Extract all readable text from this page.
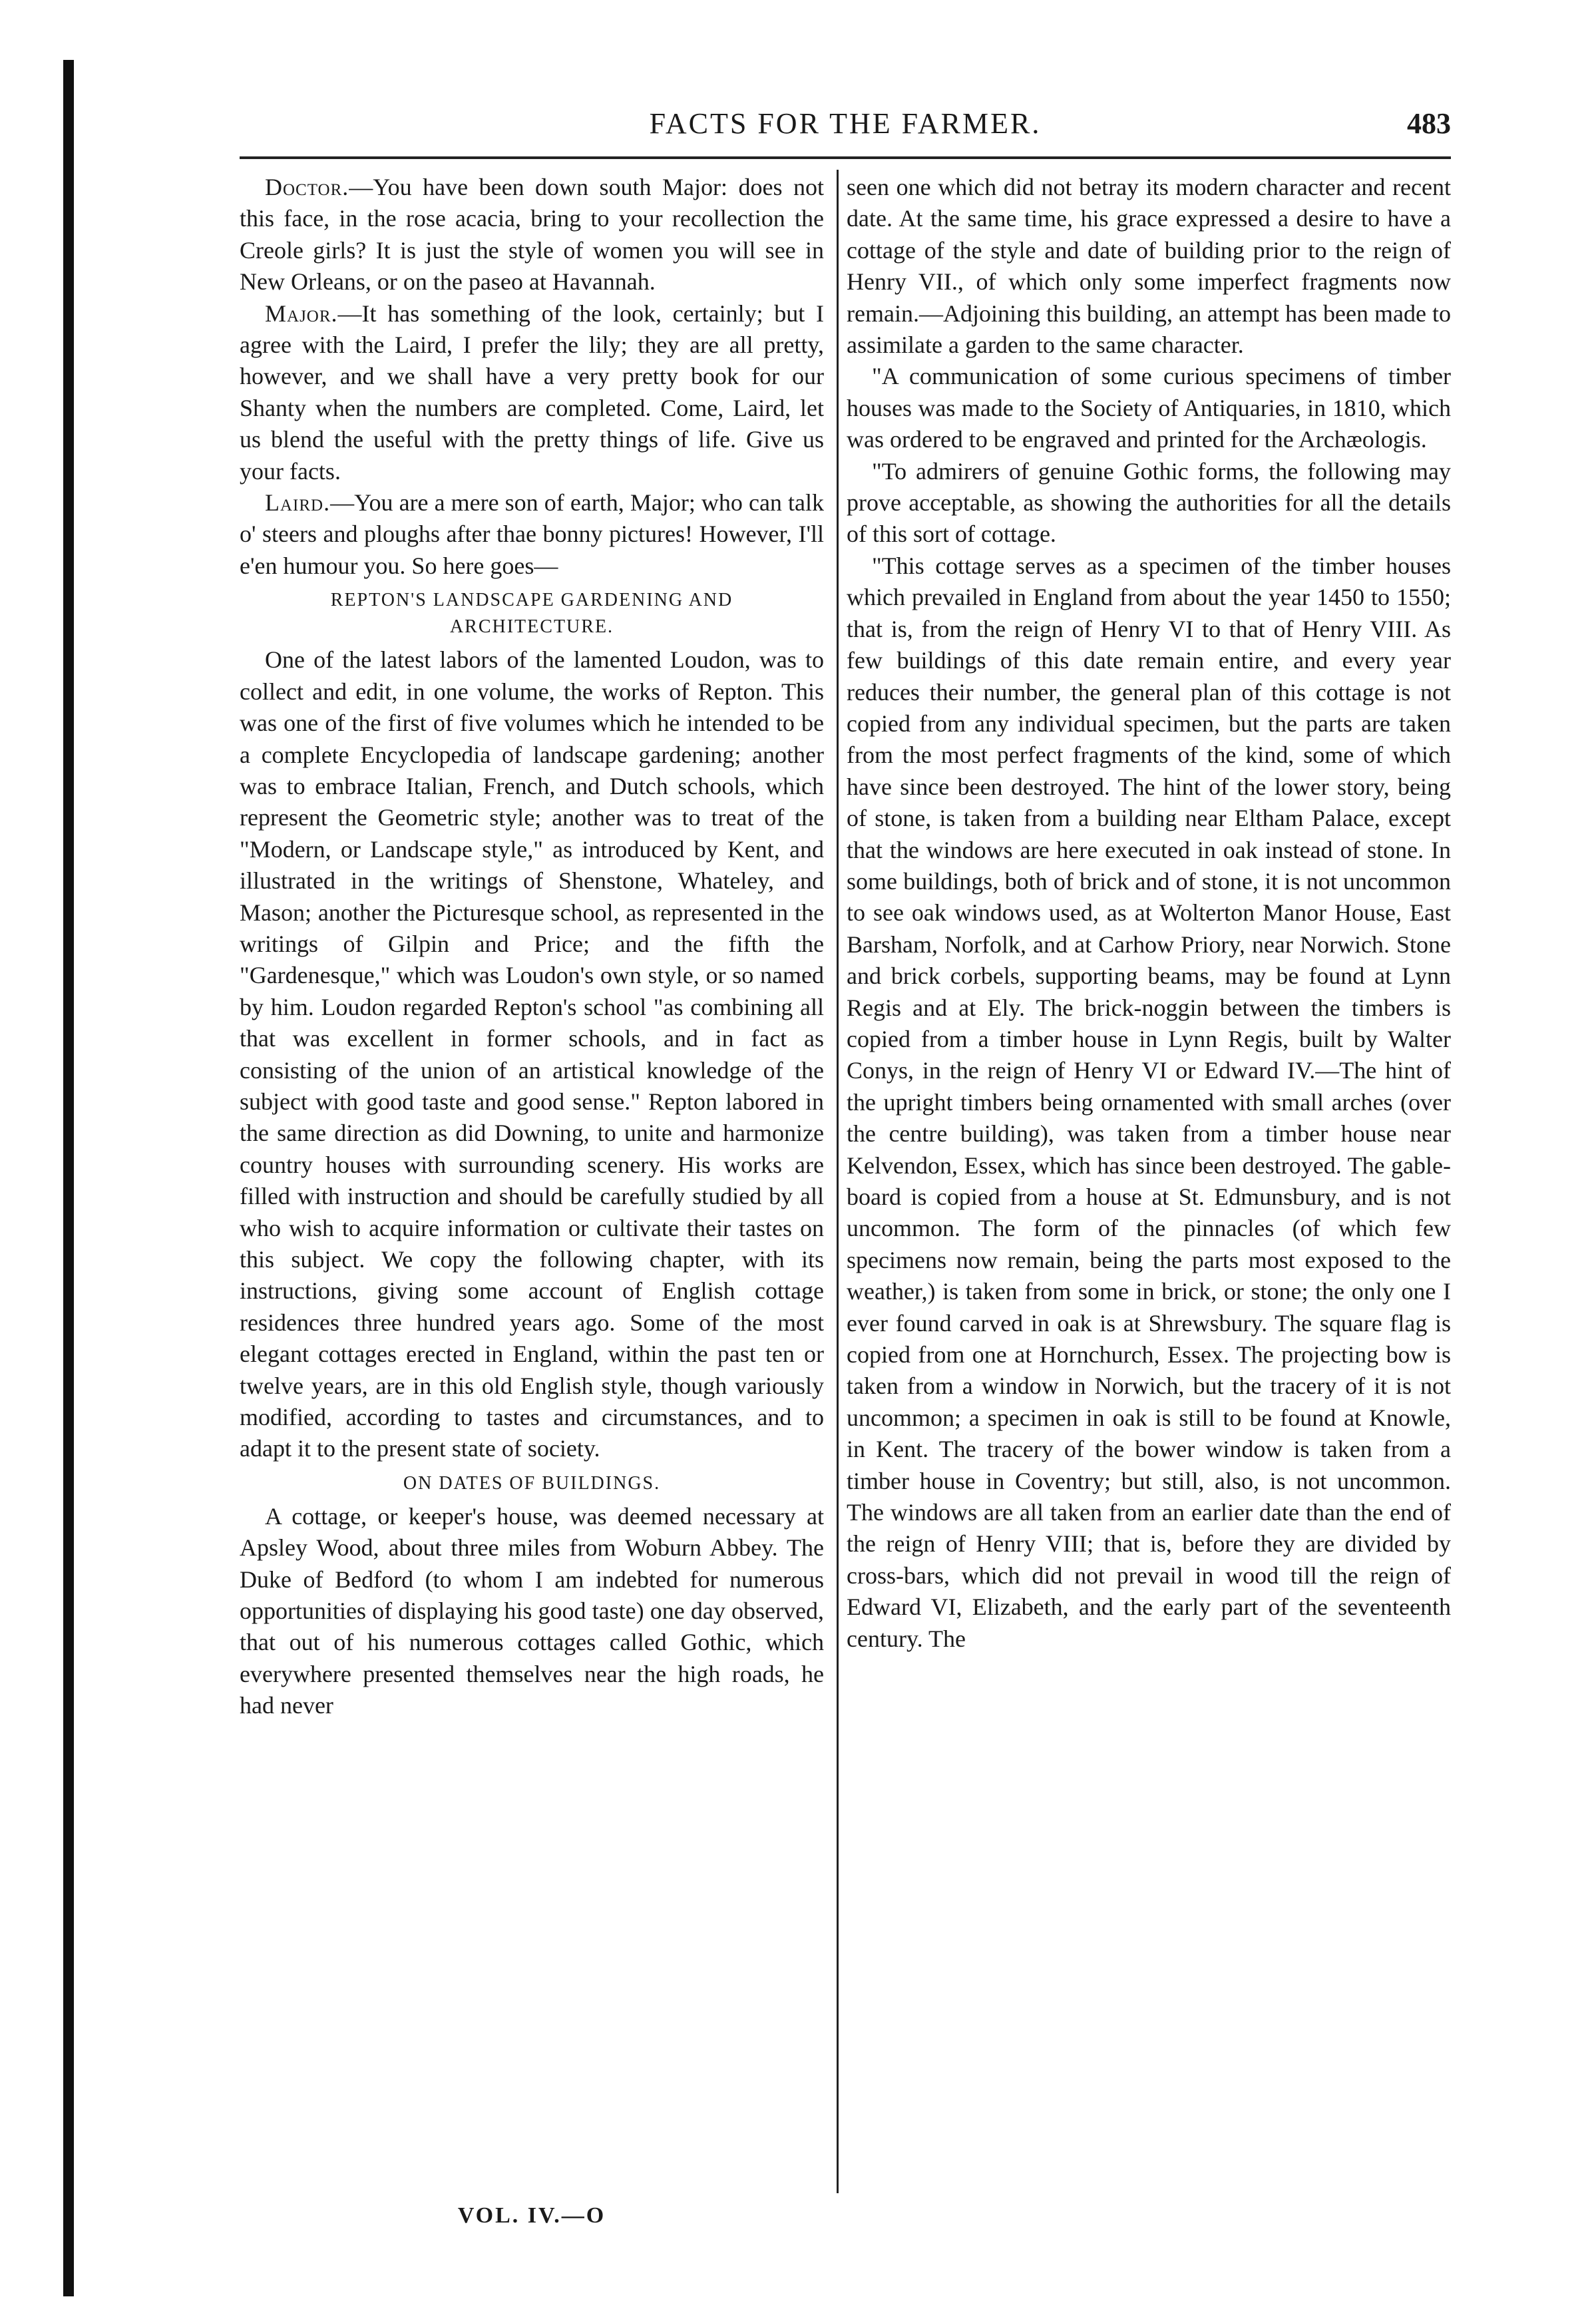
FACTS FOR THE FARMER.	483

Doctor.—You have been down south Major: does not this face, in the rose acacia, bring to your recollection the Creole girls? It is just the style of women you will see in New Orleans, or on the paseo at Havannah.

Major.—It has something of the look, certainly; but I agree with the Laird, I prefer the lily; they are all pretty, however, and we shall have a very pretty book for our Shanty when the numbers are completed. Come, Laird, let us blend the useful with the pretty things of life. Give us your facts.

Laird.—You are a mere son of earth, Major; who can talk o' steers and ploughs after thae bonny pictures! However, I'll e'en humour you. So here goes—

REPTON'S LANDSCAPE GARDENING AND ARCHITECTURE.

One of the latest labors of the lamented Loudon, was to collect and edit, in one volume, the works of Repton. This was one of the first of five volumes which he intended to be a complete Encyclopedia of landscape gardening; another was to embrace Italian, French, and Dutch schools, which represent the Geometric style; another was to treat of the "Modern, or Landscape style," as introduced by Kent, and illustrated in the writings of Shenstone, Whateley, and Mason; another the Picturesque school, as represented in the writings of Gilpin and Price; and the fifth the "Gardenesque," which was Loudon's own style, or so named by him. Loudon regarded Repton's school "as combining all that was excellent in former schools, and in fact as consisting of the union of an artistical knowledge of the subject with good taste and good sense." Repton labored in the same direction as did Downing, to unite and harmonize country houses with surrounding scenery. His works are filled with instruction and should be carefully studied by all who wish to acquire information or cultivate their tastes on this subject. We copy the following chapter, with its instructions, giving some account of English cottage residences three hundred years ago. Some of the most elegant cottages erected in England, within the past ten or twelve years, are in this old English style, though variously modified, according to tastes and circumstances, and to adapt it to the present state of society.

ON DATES OF BUILDINGS.

A cottage, or keeper's house, was deemed necessary at Apsley Wood, about three miles from Woburn Abbey. The Duke of Bedford (to whom I am indebted for numerous opportunities of displaying his good taste) one day observed, that out of his numerous cottages called Gothic, which everywhere presented themselves near the high roads, he had never

seen one which did not betray its modern character and recent date. At the same time, his grace expressed a desire to have a cottage of the style and date of building prior to the reign of Henry VII., of which only some imperfect fragments now remain.—Adjoining this building, an attempt has been made to assimilate a garden to the same character.

"A communication of some curious specimens of timber houses was made to the Society of Antiquaries, in 1810, which was ordered to be engraved and printed for the Archæologis.

"To admirers of genuine Gothic forms, the following may prove acceptable, as showing the authorities for all the details of this sort of cottage.

"This cottage serves as a specimen of the timber houses which prevailed in England from about the year 1450 to 1550; that is, from the reign of Henry VI to that of Henry VIII. As few buildings of this date remain entire, and every year reduces their number, the general plan of this cottage is not copied from any individual specimen, but the parts are taken from the most perfect fragments of the kind, some of which have since been destroyed. The hint of the lower story, being of stone, is taken from a building near Eltham Palace, except that the windows are here executed in oak instead of stone. In some buildings, both of brick and of stone, it is not uncommon to see oak windows used, as at Wolterton Manor House, East Barsham, Norfolk, and at Carhow Priory, near Norwich. Stone and brick corbels, supporting beams, may be found at Lynn Regis and at Ely. The brick-noggin between the timbers is copied from a timber house in Lynn Regis, built by Walter Conys, in the reign of Henry VI or Edward IV.—The hint of the upright timbers being ornamented with small arches (over the centre building), was taken from a timber house near Kelvendon, Essex, which has since been destroyed. The gable-board is copied from a house at St. Edmunsbury, and is not uncommon. The form of the pinnacles (of which few specimens now remain, being the parts most exposed to the weather,) is taken from some in brick, or stone; the only one I ever found carved in oak is at Shrewsbury. The square flag is copied from one at Hornchurch, Essex. The projecting bow is taken from a window in Norwich, but the tracery of it is not uncommon; a specimen in oak is still to be found at Knowle, in Kent. The tracery of the bower window is taken from a timber house in Coventry; but still, also, is not uncommon. The windows are all taken from an earlier date than the end of the reign of Henry VIII; that is, before they are divided by cross-bars, which did not prevail in wood till the reign of Edward VI, Elizabeth, and the early part of the seventeenth century. The

VOL. IV.—O
